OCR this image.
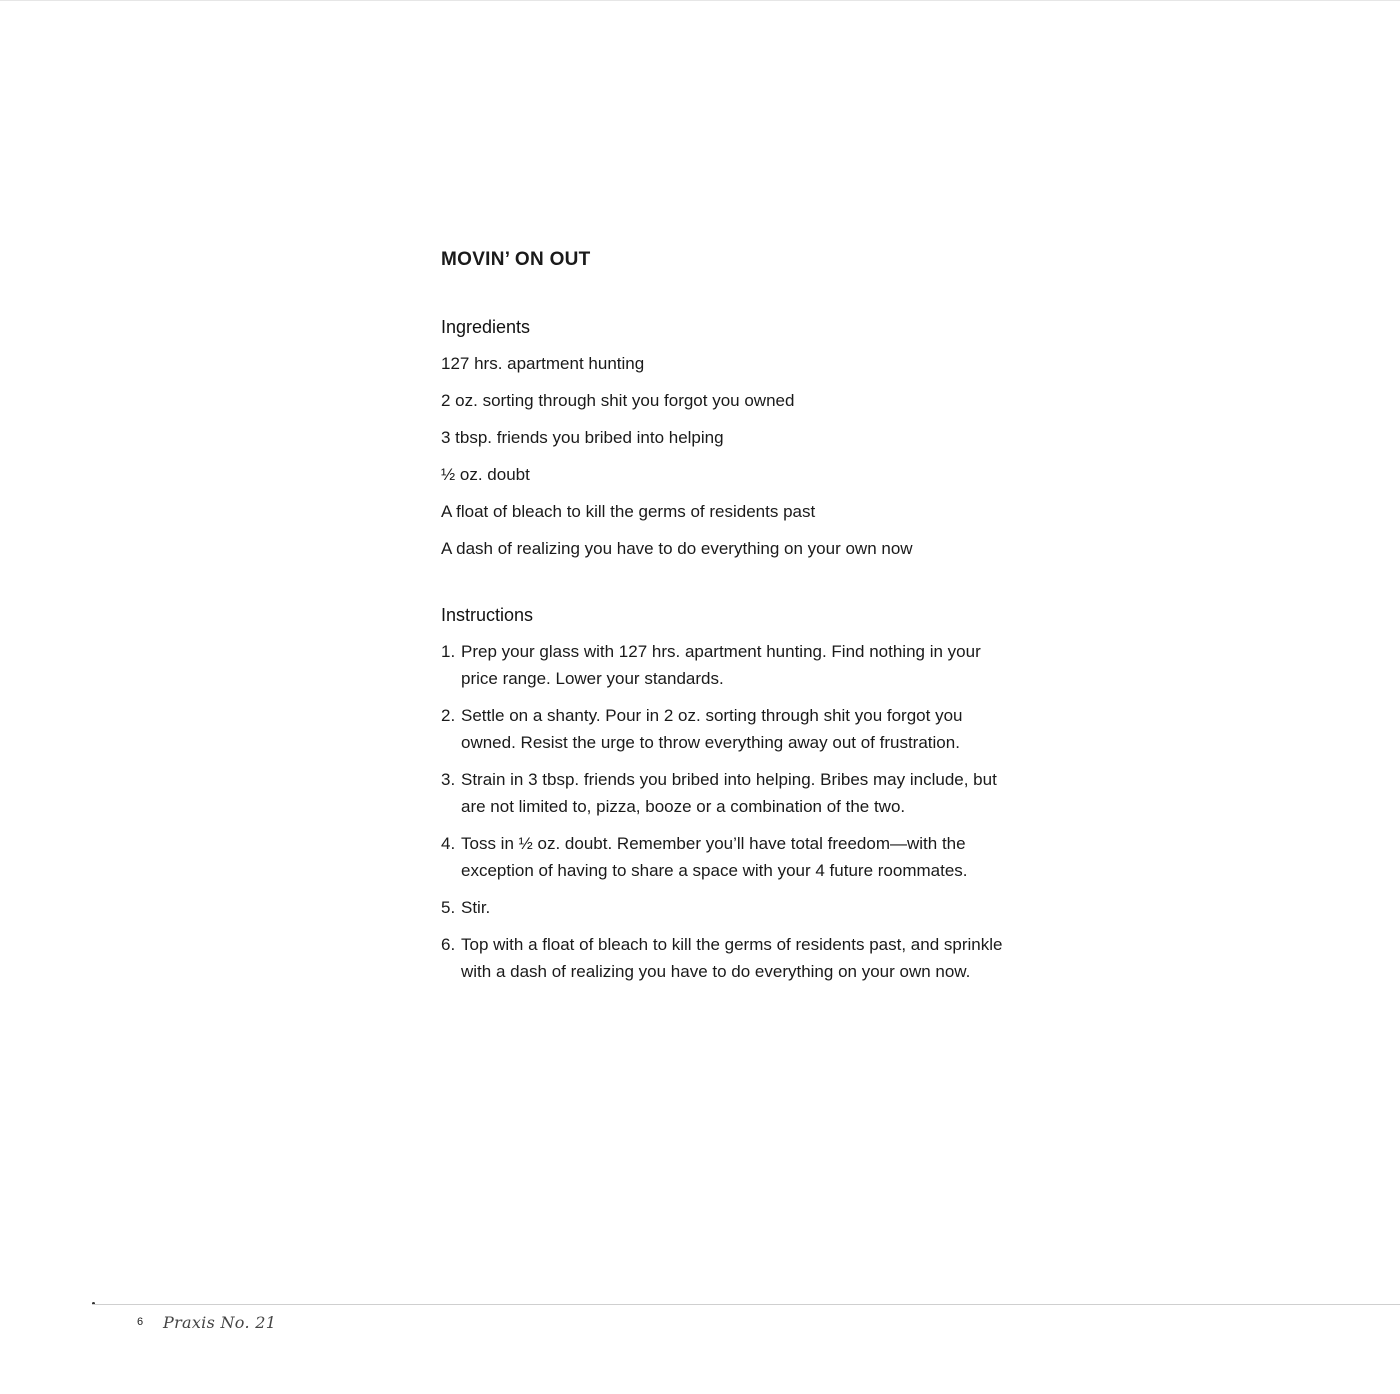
MOVIN’ ON OUT
Ingredients
127 hrs. apartment hunting
2 oz. sorting through shit you forgot you owned
3 tbsp. friends you bribed into helping
½ oz. doubt
A float of bleach to kill the germs of residents past
A dash of realizing you have to do everything on your own now
Instructions
1. Prep your glass with 127 hrs. apartment hunting. Find nothing in your price range. Lower your standards.
2. Settle on a shanty. Pour in 2 oz. sorting through shit you forgot you owned. Resist the urge to throw everything away out of frustration.
3. Strain in 3 tbsp. friends you bribed into helping. Bribes may include, but are not limited to, pizza, booze or a combination of the two.
4. Toss in ½ oz. doubt. Remember you’ll have total freedom—with the exception of having to share a space with your 4 future roommates.
5. Stir.
6. Top with a float of bleach to kill the germs of residents past, and sprinkle with a dash of realizing you have to do everything on your own now.
6 Praxis No. 21
